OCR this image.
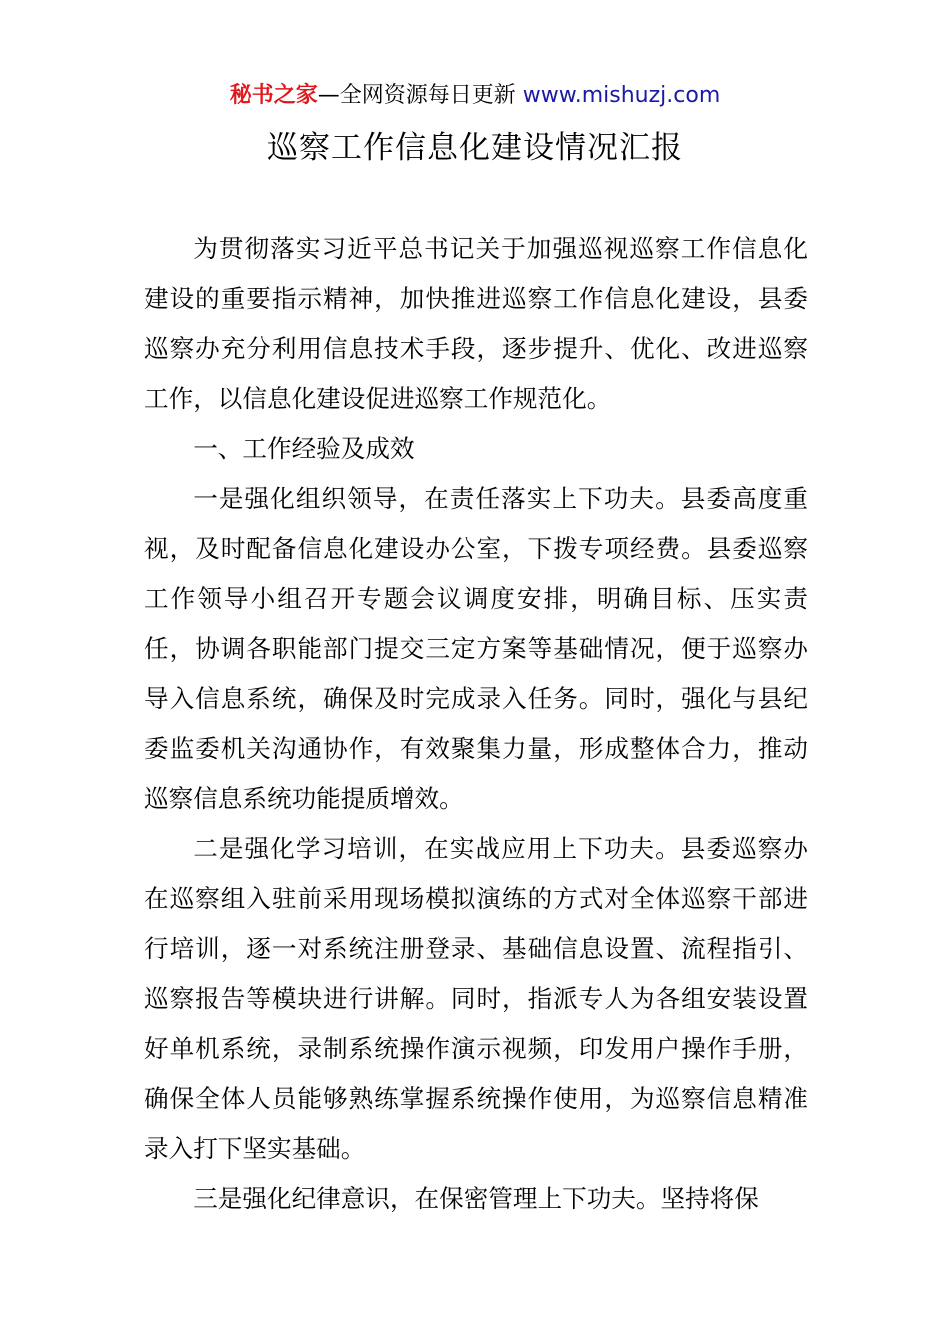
秘书之家—全网资源每日更新 www.mishuzj.com
巡察工作信息化建设情况汇报

为贯彻落实习近平总书记关于加强巡视巡察工作信息化建设的重要指示精神，加快推进巡察工作信息化建设，县委巡察办充分利用信息技术手段，逐步提升、优化、改进巡察工作，以信息化建设促进巡察工作规范化。

一、工作经验及成效

一是强化组织领导，在责任落实上下功夫。县委高度重视，及时配备信息化建设办公室，下拨专项经费。县委巡察工作领导小组召开专题会议调度安排，明确目标、压实责任，协调各职能部门提交三定方案等基础情况，便于巡察办导入信息系统，确保及时完成录入任务。同时，强化与县纪委监委机关沟通协作，有效聚集力量，形成整体合力，推动巡察信息系统功能提质增效。

二是强化学习培训，在实战应用上下功夫。县委巡察办在巡察组入驻前采用现场模拟演练的方式对全体巡察干部进行培训，逐一对系统注册登录、基础信息设置、流程指引、巡察报告等模块进行讲解。同时，指派专人为各组安装设置好单机系统，录制系统操作演示视频，印发用户操作手册，确保全体人员能够熟练掌握系统操作使用，为巡察信息精准录入打下坚实基础。

三是强化纪律意识，在保密管理上下功夫。坚持将保
